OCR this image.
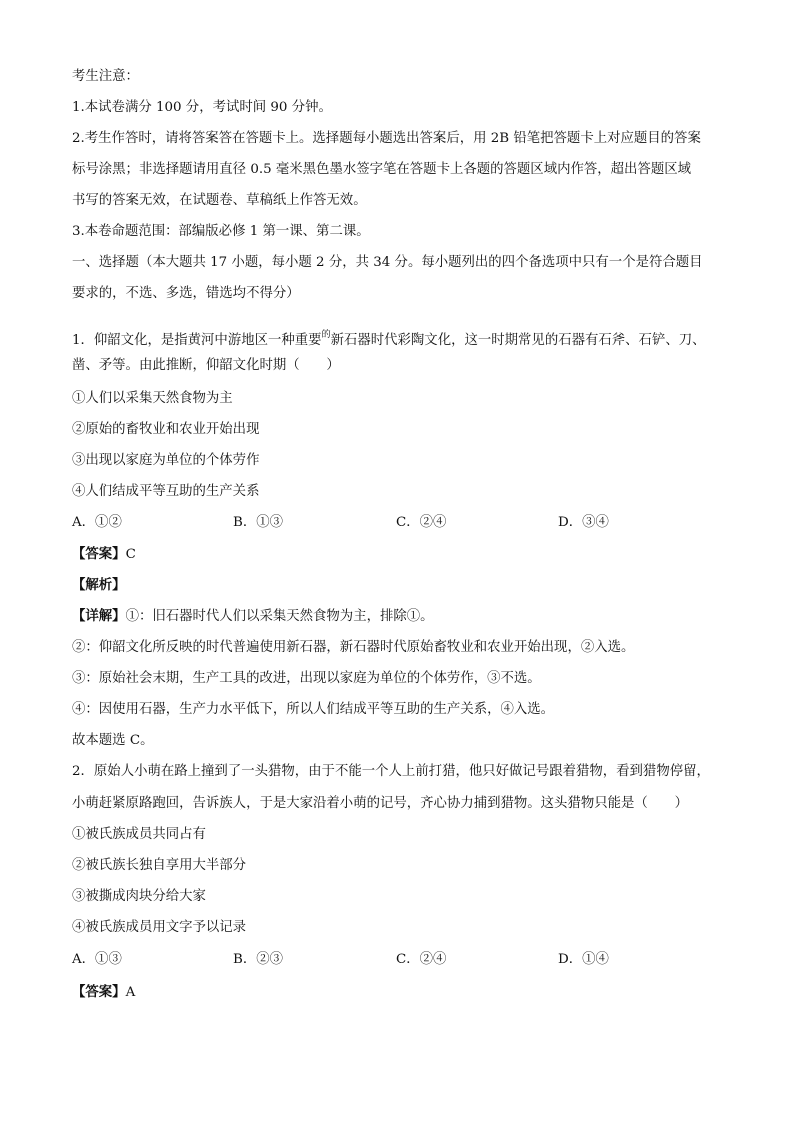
考生注意：
1.本试卷满分 100 分，考试时间 90 分钟。
2.考生作答时，请将答案答在答题卡上。选择题每小题选出答案后，用 2B 铅笔把答题卡上对应题目的答案
标号涂黑；非选择题请用直径 0.5 毫米黑色墨水签字笔在答题卡上各题的答题区域内作答，超出答题区域
书写的答案无效，在试题卷、草稿纸上作答无效。
3.本卷命题范围：部编版必修 1 第一课、第二课。
一、选择题（本大题共 17 小题，每小题 2 分，共 34 分。每小题列出的四个备选项中只有一个是符合题目
要求的，不选、多选，错选均不得分）
1．仰韶文化，是指黄河中游地区一种重要$^的$新石器时代彩陶文化，这一时期常见的石器有石斧、石铲、刀、
凿、矛等。由此推断，仰韶文化时期（　　）
①人们以采集天然食物为主
②原始的畜牧业和农业开始出现
③出现以家庭为单位的个体劳作
④人们结成平等互助的生产关系
A．①②	B．①③	C．②④	D．③④
【答案】C
【解析】
【详解】①：旧石器时代人们以采集天然食物为主，排除①。
②：仰韶文化所反映的时代普遍使用新石器，新石器时代原始畜牧业和农业开始出现，②入选。
③：原始社会末期，生产工具的改进，出现以家庭为单位的个体劳作，③不选。
④：因使用石器，生产力水平低下，所以人们结成平等互助的生产关系，④入选。
故本题选 C。
2．原始人小萌在路上撞到了一头猎物，由于不能一个人上前打猎，他只好做记号跟着猎物，看到猎物停留，
小萌赶紧原路跑回，告诉族人，于是大家沿着小萌的记号，齐心协力捕到猎物。这头猎物只能是（　　）
①被氏族成员共同占有
②被氏族长独自享用大半部分
③被撕成肉块分给大家
④被氏族成员用文字予以记录
A．①③	B．②③	C．②④	D．①④
【答案】A
